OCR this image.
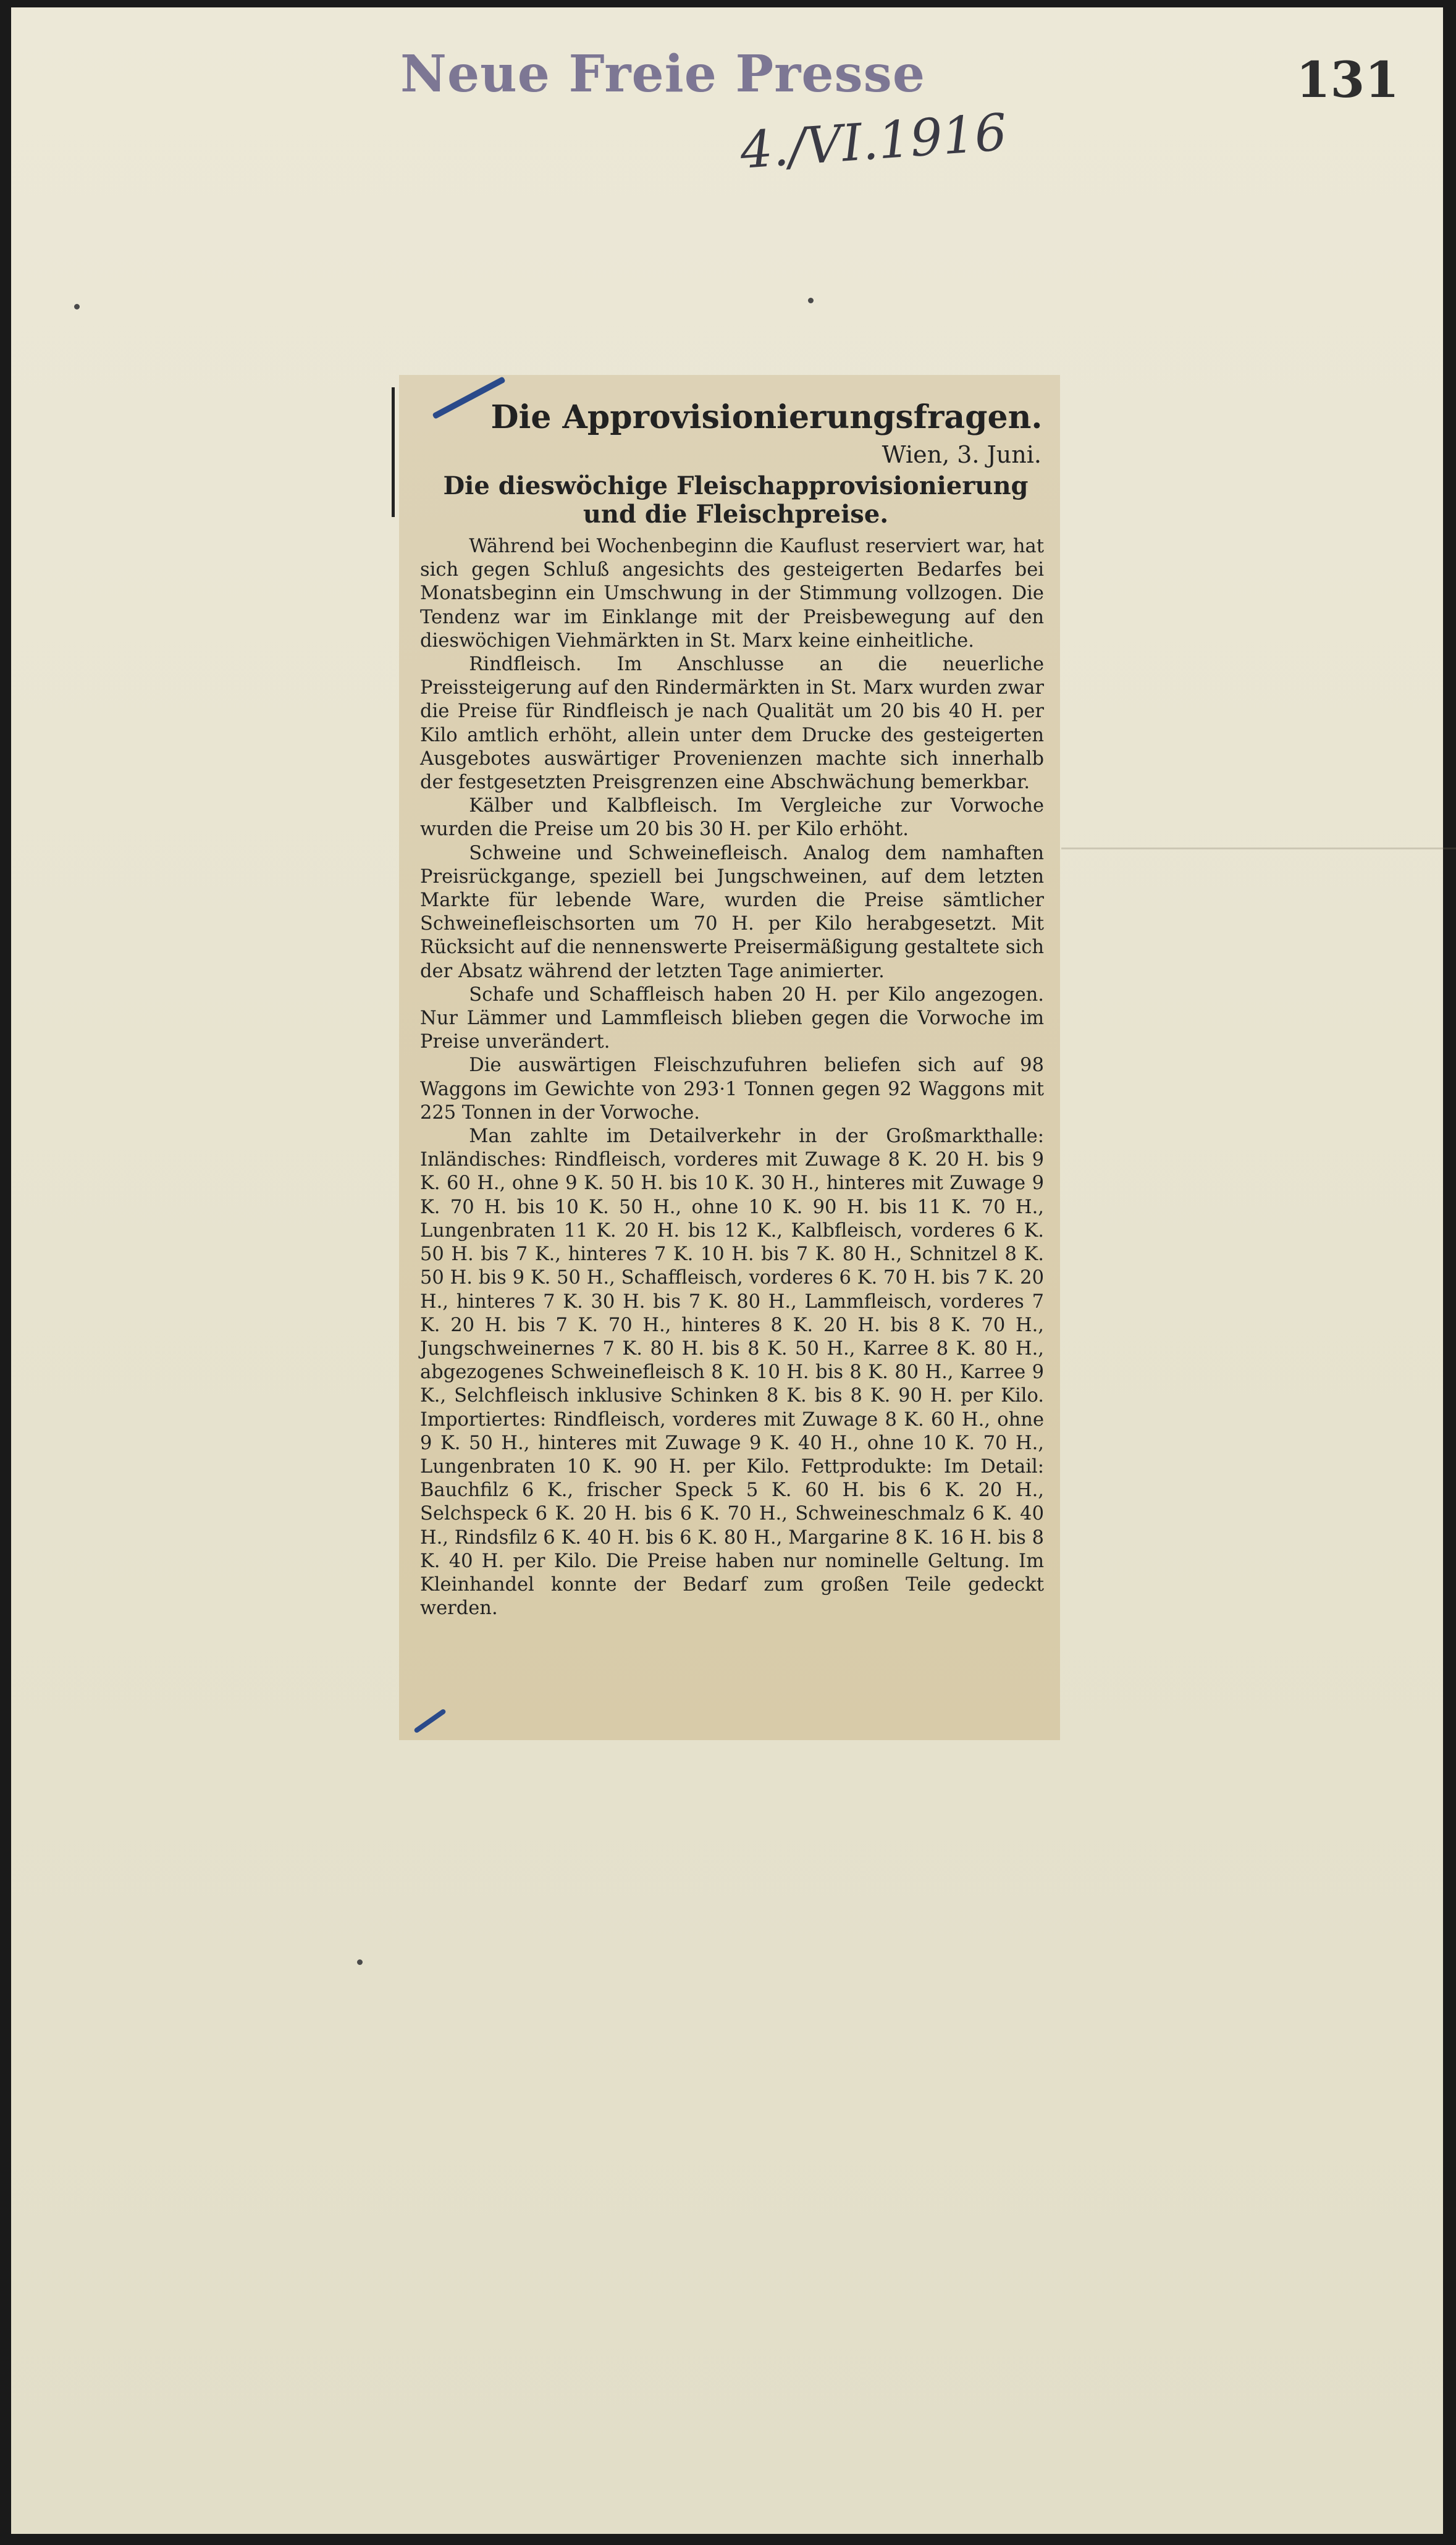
Neue Freie Presse	131
4./VI.1916
Die Approvisionierungsfragen.
Wien, 3. Juni.
Die dieswöchige Fleischapprovisionierung und die Fleischpreise.

Während bei Wochenbeginn die Kauflust reserviert war, hat sich gegen Schluß angesichts des gesteigerten Bedarfes bei Monatsbeginn ein Umschwung in der Stimmung vollzogen. Die Tendenz war im Einklange mit der Preisbewegung auf den dieswöchigen Viehmärkten in St. Marx keine einheitliche.

Rindfleisch. Im Anschlusse an die neuerliche Preissteigerung auf den Rindermärkten in St. Marx wurden zwar die Preise für Rindfleisch je nach Qualität um 20 bis 40 H. per Kilo amtlich erhöht, allein unter dem Drucke des gesteigerten Ausgebotes auswärtiger Provenienzen machte sich innerhalb der festgesetzten Preisgrenzen eine Abschwächung bemerkbar.

Kälber und Kalbfleisch. Im Vergleiche zur Vorwoche wurden die Preise um 20 bis 30 H. per Kilo erhöht.

Schweine und Schweinefleisch. Analog dem namhaften Preisrückgange, speziell bei Jungschweinen, auf dem letzten Markte für lebende Ware, wurden die Preise sämtlicher Schweinefleischsorten um 70 H. per Kilo herabgesetzt. Mit Rücksicht auf die nennenswerte Preisermäßigung gestaltete sich der Absatz während der letzten Tage animierter.

Schafe und Schaffleisch haben 20 H. per Kilo angezogen. Nur Lämmer und Lammfleisch blieben gegen die Vorwoche im Preise unverändert.

Die auswärtigen Fleischzufuhren beliefen sich auf 98 Waggons im Gewichte von 293·1 Tonnen gegen 92 Waggons mit 225 Tonnen in der Vorwoche.

Man zahlte im Detailverkehr in der Großmarkthalle: Inländisches: Rindfleisch, vorderes mit Zuwage 8 K. 20 H. bis 9 K. 60 H., ohne 9 K. 50 H. bis 10 K. 30 H., hinteres mit Zuwage 9 K. 70 H. bis 10 K. 50 H., ohne 10 K. 90 H. bis 11 K. 70 H., Lungenbraten 11 K. 20 H. bis 12 K., Kalbfleisch, vorderes 6 K. 50 H. bis 7 K., hinteres 7 K. 10 H. bis 7 K. 80 H., Schnitzel 8 K. 50 H. bis 9 K. 50 H., Schaffleisch, vorderes 6 K. 70 H. bis 7 K. 20 H., hinteres 7 K. 30 H. bis 7 K. 80 H., Lammfleisch, vorderes 7 K. 20 H. bis 7 K. 70 H., hinteres 8 K. 20 H. bis 8 K. 70 H., Jungschweinernes 7 K. 80 H. bis 8 K. 50 H., Karree 8 K. 80 H., abgezogenes Schweinefleisch 8 K. 10 H. bis 8 K. 80 H., Karree 9 K., Selchfleisch inklusive Schinken 8 K. bis 8 K. 90 H. per Kilo. Importiertes: Rindfleisch, vorderes mit Zuwage 8 K. 60 H., ohne 9 K. 50 H., hinteres mit Zuwage 9 K. 40 H., ohne 10 K. 70 H., Lungenbraten 10 K. 90 H. per Kilo. Fettprodukte: Im Detail: Bauchfilz 6 K., frischer Speck 5 K. 60 H. bis 6 K. 20 H., Selchspeck 6 K. 20 H. bis 6 K. 70 H., Schweineschmalz 6 K. 40 H., Rindsfilz 6 K. 40 H. bis 6 K. 80 H., Margarine 8 K. 16 H. bis 8 K. 40 H. per Kilo. Die Preise haben nur nominelle Geltung. Im Kleinhandel konnte der Bedarf zum großen Teile gedeckt werden.
